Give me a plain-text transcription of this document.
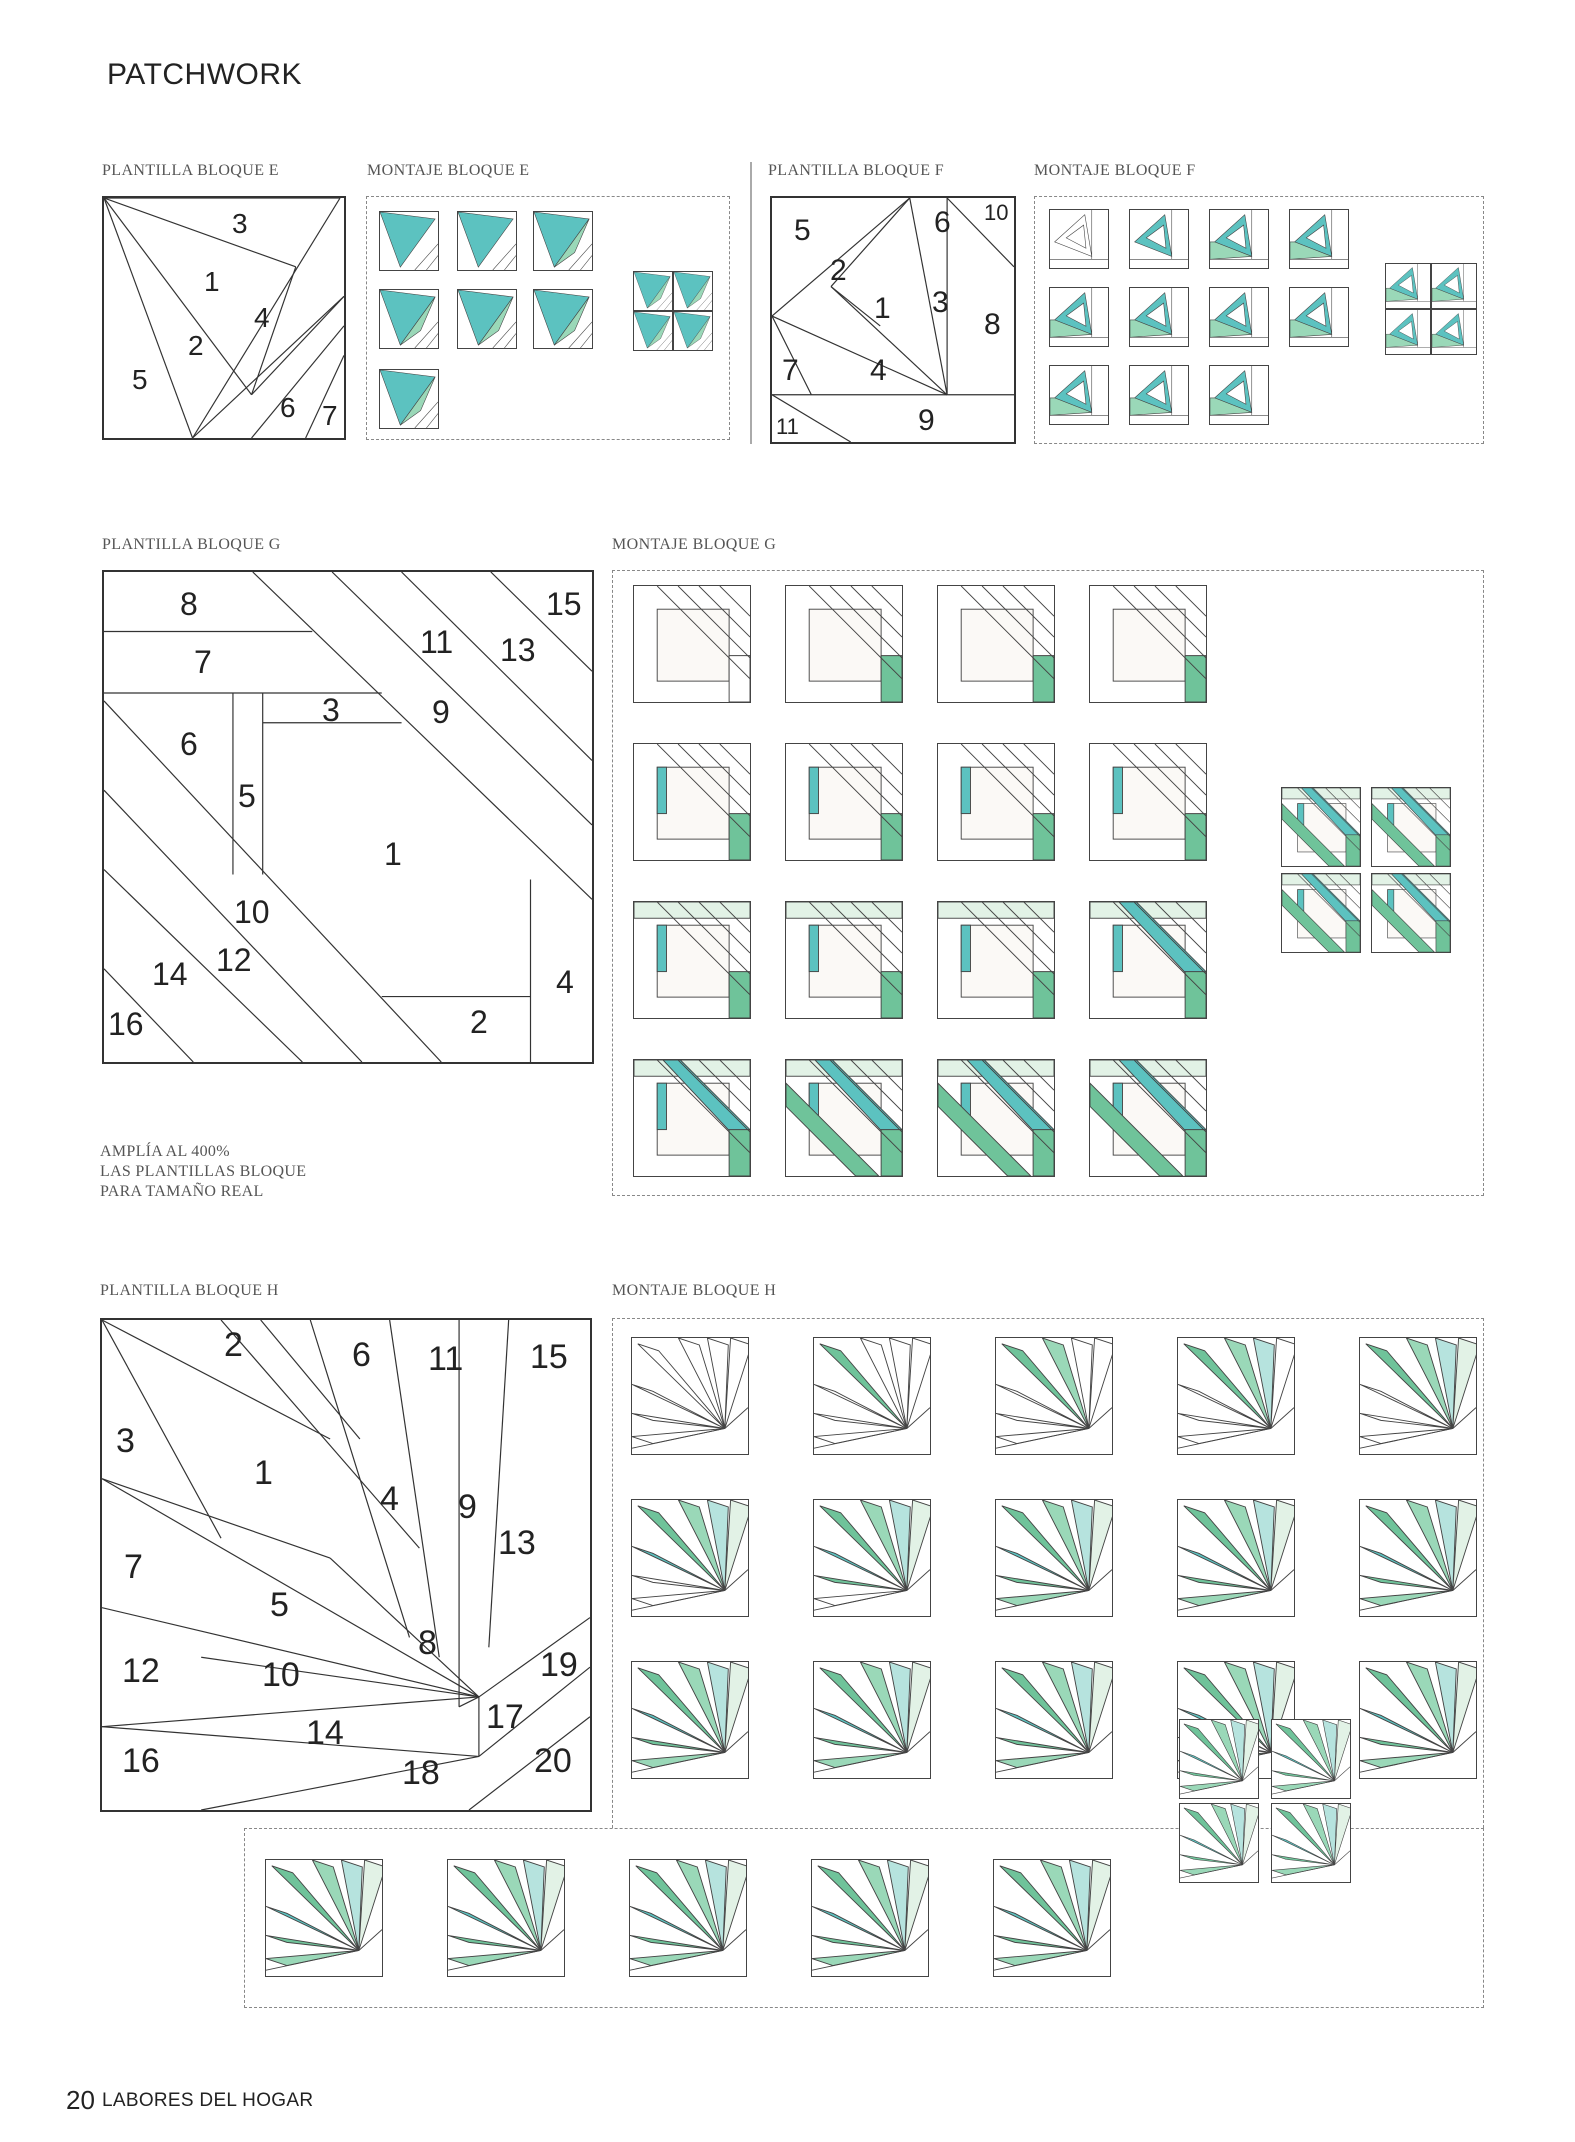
PATCHWORK
PLANTILLA BLOQUE E	MONTAJE BLOQUE E
3
1
4
2
5
6 7
PLANTILLA BLOQUE F	MONTAJE BLOQUE F
5	6 10
2
1 3
8
7 4
11	9
PLANTILLA BLOQUE G	MONTAJE BLOQUE G
8	15
11 13
7
3	9
6
5
1
10
12
14	4
16	2
AMPLÍA AL 400%
LAS PLANTILLAS BLOQUE
PARA TAMAÑO REAL
PLANTILLA BLOQUE H	MONTAJE BLOQUE H
2	6 11 15
3
1
4 9
13
7
5
8
19
12	10
17
14
16	18	20
20 LABORES DEL HOGAR
